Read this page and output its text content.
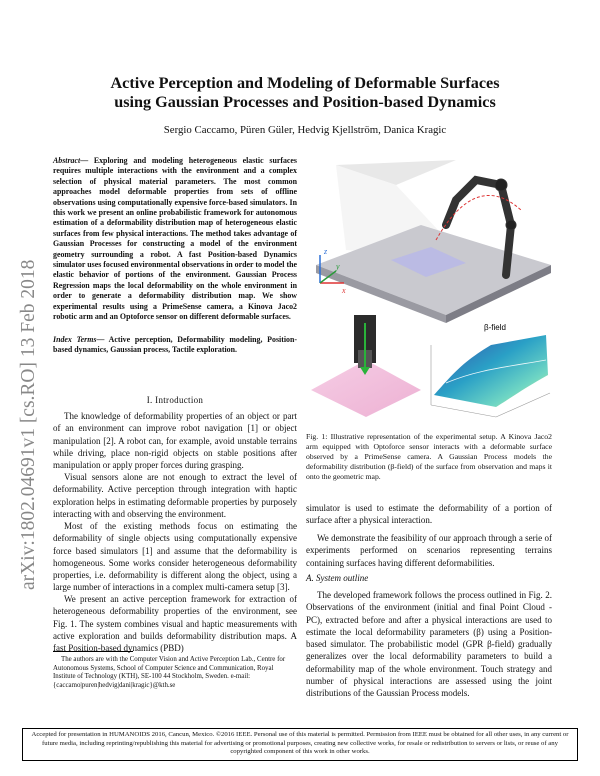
arXiv:1802.04691v1 [cs.RO] 13 Feb 2018
Active Perception and Modeling of Deformable Surfaces
using Gaussian Processes and Position-based Dynamics
Sergio Caccamo, Püren Güler, Hedvig Kjellström, Danica Kragic
Abstract— Exploring and modeling heterogeneous elastic surfaces requires multiple interactions with the environment and a complex selection of physical material parameters. The most common approaches model deformable properties from sets of offline observations using computationally expensive force-based simulators. In this work we present an online probabilistic framework for autonomous estimation of a deformability distribution map of heterogeneous elastic surfaces from few physical interactions. The method takes advantage of Gaussian Processes for constructing a model of the environment geometry surrounding a robot. A fast Position-based Dynamics simulator uses focused environmental observations in order to model the elastic behavior of portions of the environment. Gaussian Process Regression maps the local deformability on the whole environment in order to generate a deformability distribution map. We show experimental results using a PrimeSense camera, a Kinova Jaco2 robotic arm and an Optoforce sensor on different deformable surfaces.
Index Terms— Active perception, Deformability modeling, Position-based dynamics, Gaussian process, Tactile exploration.
I. Introduction
The knowledge of deformability properties of an object or part of an environment can improve robot navigation [1] or object manipulation [2]. A robot can, for example, avoid unstable terrains while driving, place non-rigid objects on stable positions after manipulation or apply proper forces during grasping.
Visual sensors alone are not enough to extract the level of deformability. Active perception through integration with haptic exploration helps in estimating deformable properties by purposely interacting with and observing the environment.
Most of the existing methods focus on estimating the deformability of single objects using computationally expensive force based simulators [1] and assume that the deformability is homogeneous. Some works consider heterogeneous deformability properties, i.e. deformability is different along the object, using a large number of interactions in a complex multi-camera setup [3].
We present an active perception framework for extraction of heterogeneous deformability properties of the environment, see Fig. 1. The system combines visual and haptic measurements with active exploration and builds deformability distribution maps. A fast Position-based dynamics (PBD)
The authors are with the Computer Vision and Active Perception Lab., Centre for Autonomous Systems, School of Computer Science and Communication, Royal Institute of Technology (KTH), SE-100 44 Stockholm, Sweden. e-mail: {caccamo|puren|hedvig|dani|kragic}@kth.se
z
x
y
β-field
Fig. 1: Illustrative representation of the experimental setup. A Kinova Jaco2 arm equipped with Optoforce sensor interacts with a deformable surface observed by a PrimeSense camera. A Gaussian Process models the deformability distribution (β-field) of the surface from observation and maps it onto the geometric map.
simulator is used to estimate the deformability of a portion of surface after a physical interaction.
We demonstrate the feasibility of our approach through a serie of experiments performed on scenarios representing terrains containing surfaces having different deformabilities.
A. System outline
The developed framework follows the process outlined in Fig. 2. Observations of the environment (initial and final Point Cloud - PC), extracted before and after a physical interactions are used to estimate the local deformability parameters (β) using a Position-based simulator. The probabilistic model (GPR β-field) gradually generalizes over the local deformability parameters to build a deformability map of the whole environment. Touch strategy and number of physical interactions are assessed using the joint distributions of the Gaussian Process models.
Accepted for presentation in HUMANOIDS 2016, Cancun, Mexico. ©2016 IEEE. Personal use of this material is permitted. Permission from IEEE must be obtained for all other uses, in any current or future media, including reprinting/republishing this material for advertising or promotional purposes, creating new collective works, for resale or redistribution to servers or lists, or reuse of any copyrighted component of this work in other works.
